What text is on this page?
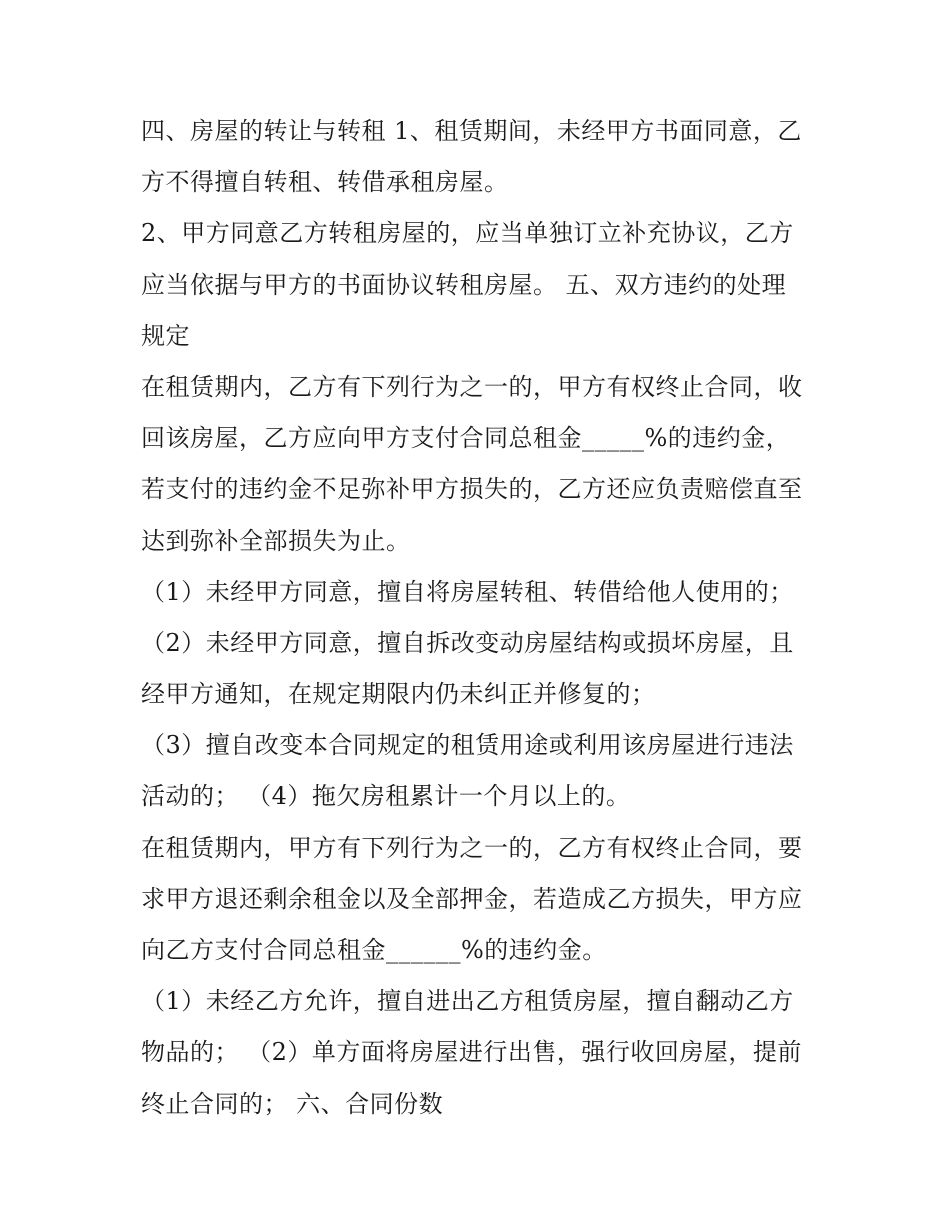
四、房屋的转让与转租 1、租赁期间，未经甲方书面同意，乙
方不得擅自转租、转借承租房屋。
2、甲方同意乙方转租房屋的，应当单独订立补充协议，乙方
应当依据与甲方的书面协议转租房屋。 五、双方违约的处理
规定
在租赁期内，乙方有下列行为之一的，甲方有权终止合同，收
回该房屋，乙方应向甲方支付合同总租金_____%的违约金，
若支付的违约金不足弥补甲方损失的，乙方还应负责赔偿直至
达到弥补全部损失为止。
（1）未经甲方同意，擅自将房屋转租、转借给他人使用的；
（2）未经甲方同意，擅自拆改变动房屋结构或损坏房屋，且
经甲方通知，在规定期限内仍未纠正并修复的；
（3）擅自改变本合同规定的租赁用途或利用该房屋进行违法
活动的； （4）拖欠房租累计一个月以上的。
在租赁期内，甲方有下列行为之一的，乙方有权终止合同，要
求甲方退还剩余租金以及全部押金，若造成乙方损失，甲方应
向乙方支付合同总租金______%的违约金。
（1）未经乙方允许，擅自进出乙方租赁房屋，擅自翻动乙方
物品的； （2）单方面将房屋进行出售，强行收回房屋，提前
终止合同的； 六、合同份数
